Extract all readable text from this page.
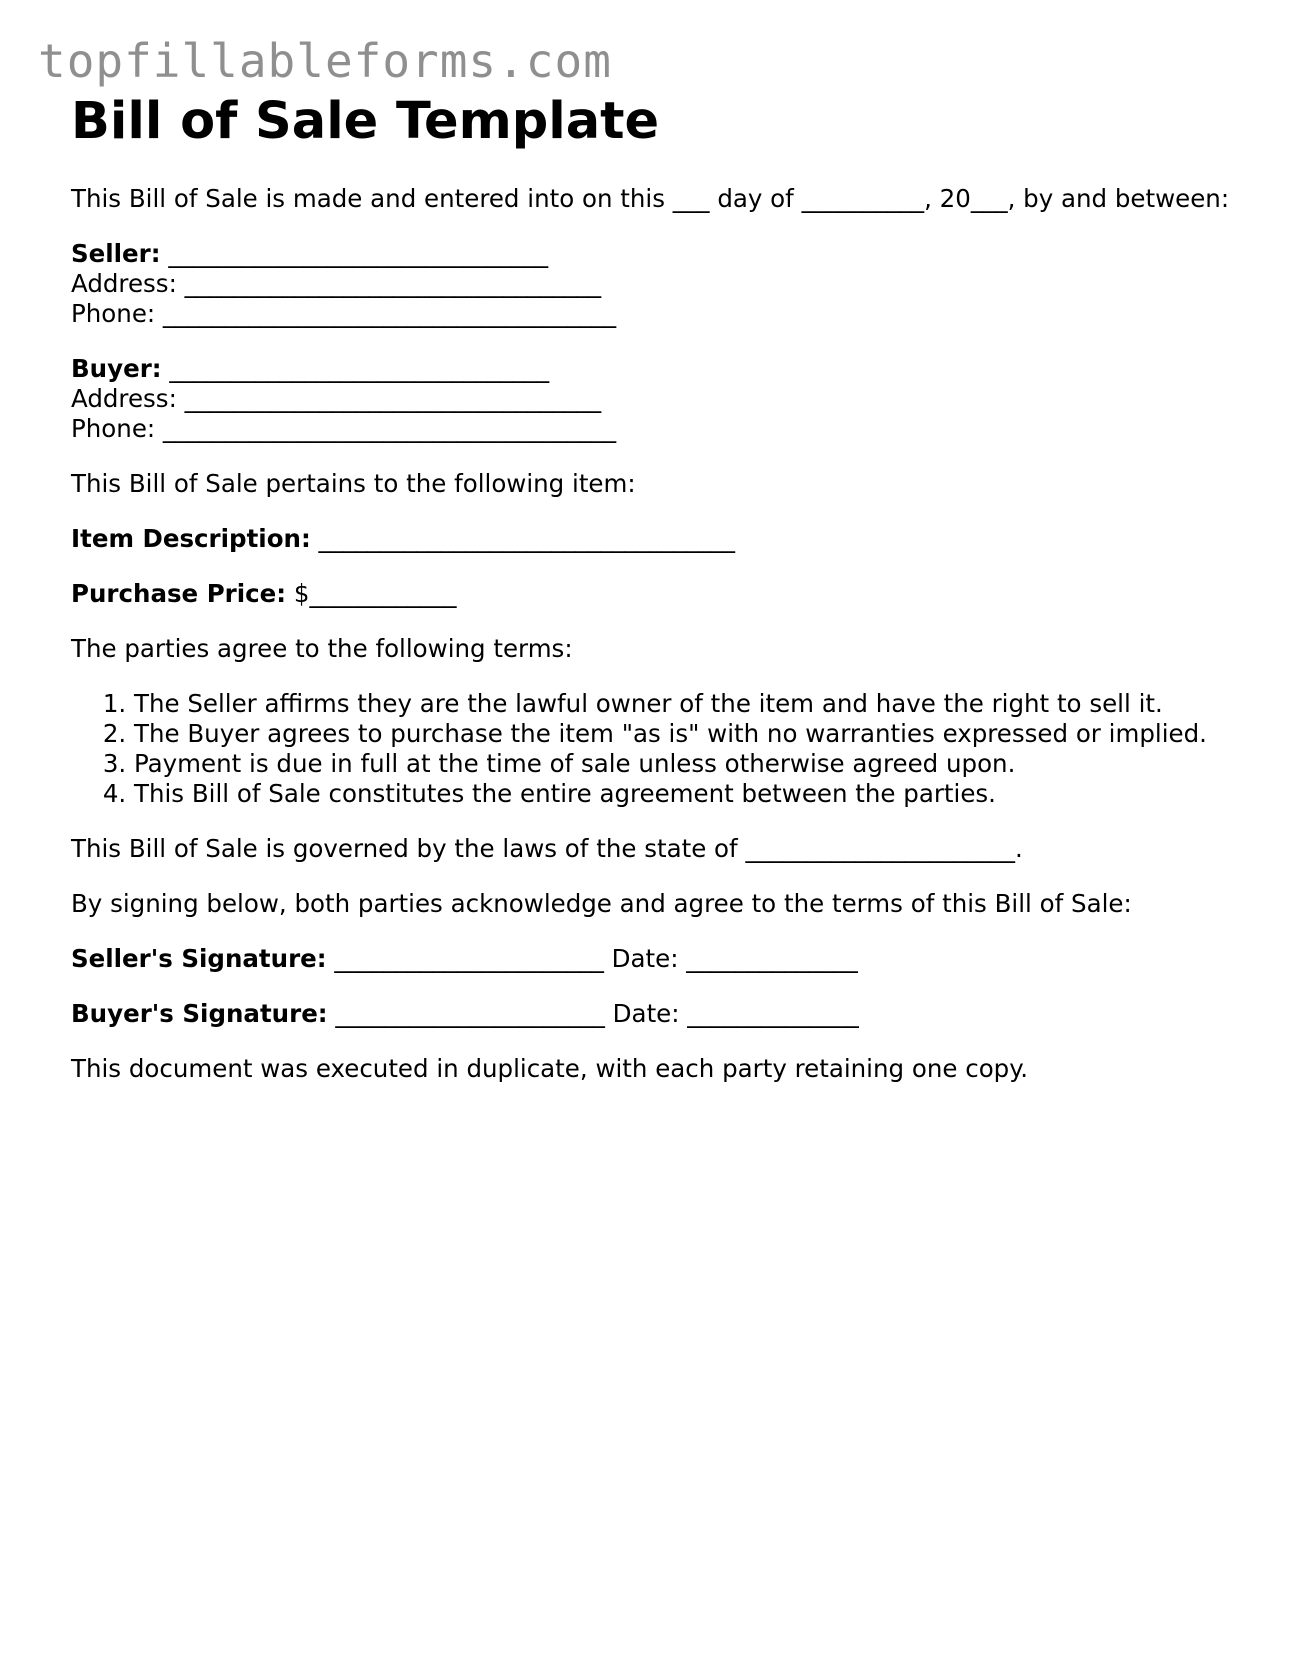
topfillableforms.com
Bill of Sale Template

This Bill of Sale is made and entered into on this ___ day of __________, 20___, by and between:

Seller: _______________________________
Address: __________________________________
Phone: _____________________________________
Buyer: _______________________________
Address: __________________________________
Phone: _____________________________________

This Bill of Sale pertains to the following item:

Item Description: __________________________________

Purchase Price: $____________

The parties agree to the following terms:

1. The Seller affirms they are the lawful owner of the item and have the right to sell it.
2. The Buyer agrees to purchase the item "as is" with no warranties expressed or implied.
3. Payment is due in full at the time of sale unless otherwise agreed upon.
4. This Bill of Sale constitutes the entire agreement between the parties.

This Bill of Sale is governed by the laws of the state of ______________________.

By signing below, both parties acknowledge and agree to the terms of this Bill of Sale:

Seller's Signature: ______________________ Date: ______________

Buyer's Signature: ______________________ Date: ______________

This document was executed in duplicate, with each party retaining one copy.
